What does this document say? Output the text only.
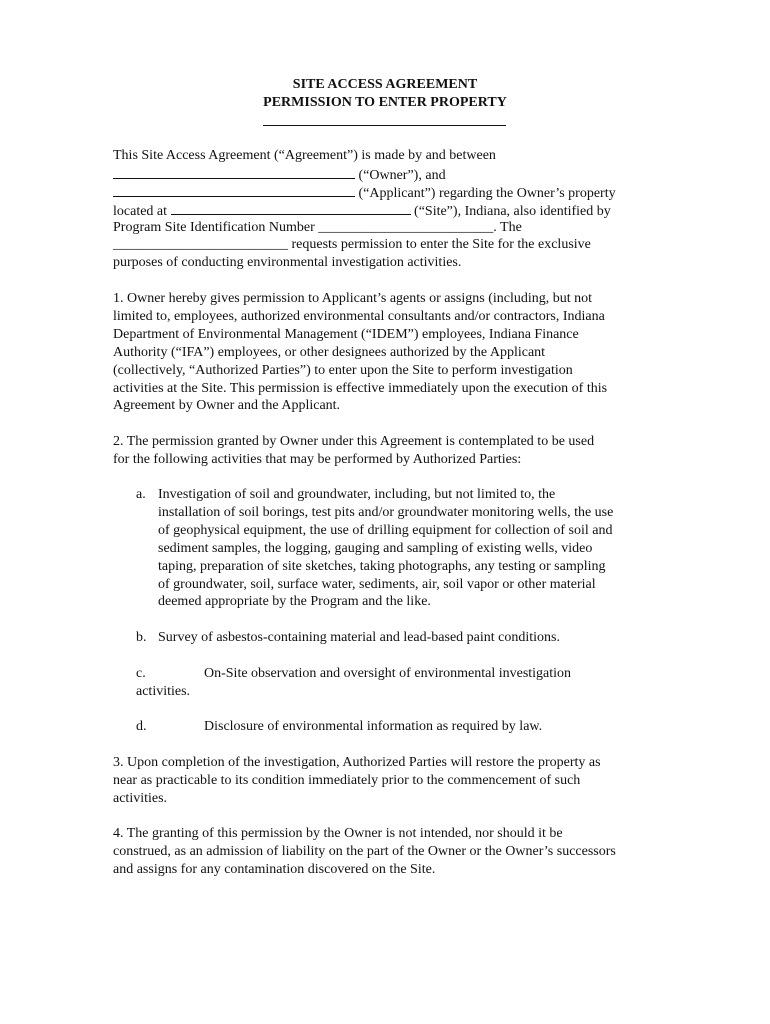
SITE ACCESS AGREEMENT
PERMISSION TO ENTER PROPERTY
This Site Access Agreement (“Agreement”) is made by and between
(“Owner”), and
(“Applicant”) regarding the Owner’s property
located at	(“Site”), Indiana, also identified by
Program Site Identification Number _________________________. The
_________________________ requests permission to enter the Site for the exclusive
purposes of conducting environmental investigation activities.
1. Owner hereby gives permission to Applicant’s agents or assigns (including, but not
limited to, employees, authorized environmental consultants and/or contractors, Indiana
Department of Environmental Management (“IDEM”) employees, Indiana Finance
Authority (“IFA”) employees, or other designees authorized by the Applicant
(collectively, “Authorized Parties”) to enter upon the Site to perform investigation
activities at the Site. This permission is effective immediately upon the execution of this
Agreement by Owner and the Applicant.
2. The permission granted by Owner under this Agreement is contemplated to be used
for the following activities that may be performed by Authorized Parties:
a. Investigation of soil and groundwater, including, but not limited to, the
installation of soil borings, test pits and/or groundwater monitoring wells, the use
of geophysical equipment, the use of drilling equipment for collection of soil and
sediment samples, the logging, gauging and sampling of existing wells, video
taping, preparation of site sketches, taking photographs, any testing or sampling
of groundwater, soil, surface water, sediments, air, soil vapor or other material
deemed appropriate by the Program and the like.
b. Survey of asbestos-containing material and lead-based paint conditions.
c.	On-Site observation and oversight of environmental investigation
activities.
d.	Disclosure of environmental information as required by law.
3. Upon completion of the investigation, Authorized Parties will restore the property as
near as practicable to its condition immediately prior to the commencement of such
activities.
4. The granting of this permission by the Owner is not intended, nor should it be
construed, as an admission of liability on the part of the Owner or the Owner’s successors
and assigns for any contamination discovered on the Site.
